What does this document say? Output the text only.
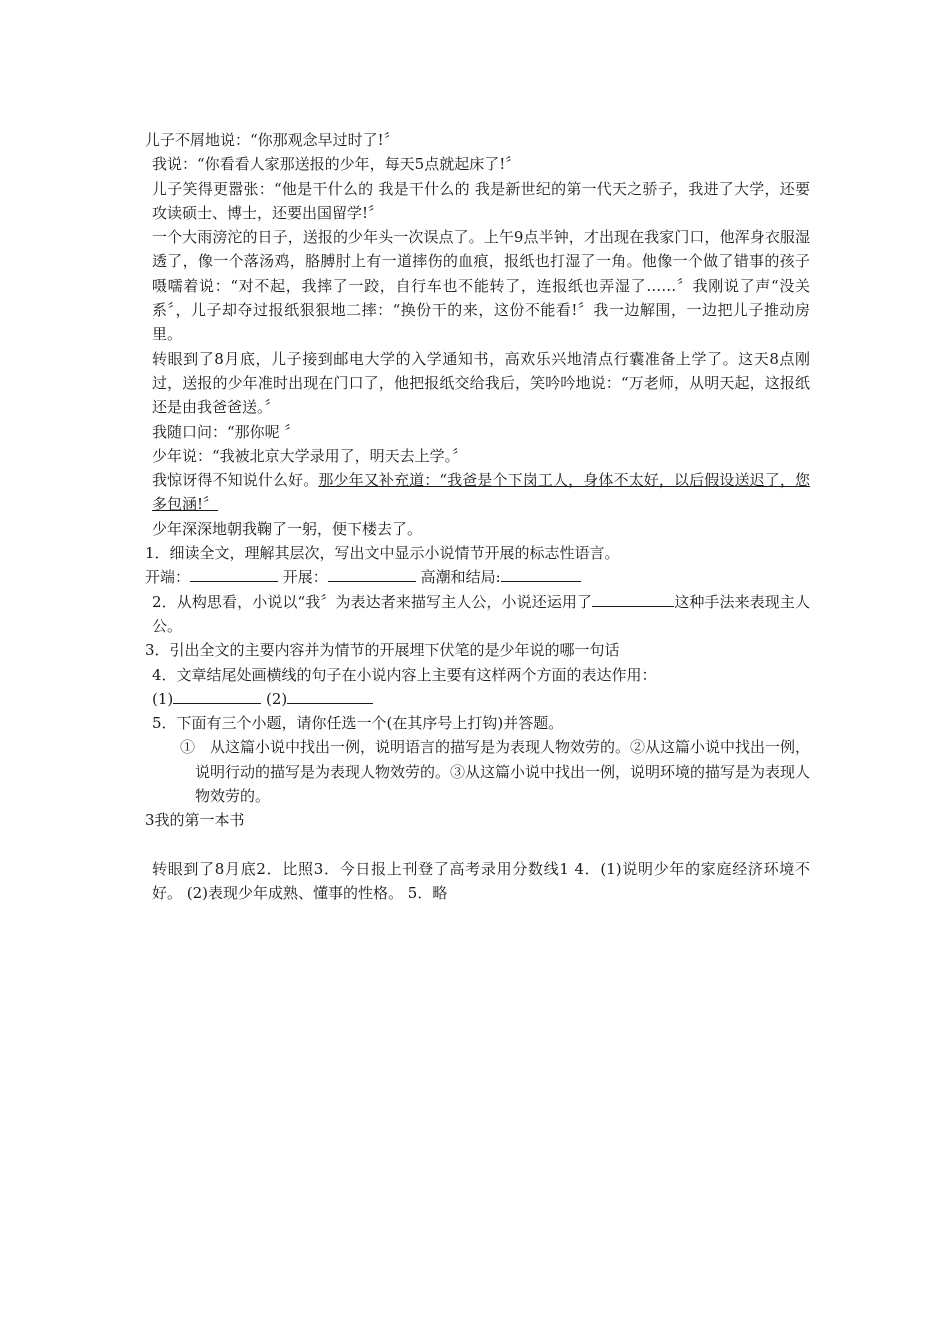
儿子不屑地说：“你那观念早过时了!〞

我说：“你看看人家那送报的少年，每天5点就起床了!〞

儿子笑得更嚣张：“他是干什么的 我是干什么的 我是新世纪的第一代天之骄子，我进了大学，还要攻读硕士、博士，还要出国留学!〞

一个大雨滂沱的日子，送报的少年头一次误点了。上午9点半钟，才出现在我家门口，他浑身衣服湿透了，像一个落汤鸡，胳膊肘上有一道摔伤的血痕，报纸也打湿了一角。他像一个做了错事的孩子嗫嚅着说：“对不起，我摔了一跤，自行车也不能转了，连报纸也弄湿了……〞我刚说了声“没关系〞，儿子却夺过报纸狠狠地二摔：“换份干的来，这份不能看!〞我一边解围，一边把儿子推动房里。

转眼到了8月底，儿子接到邮电大学的入学通知书，高欢乐兴地清点行囊准备上学了。这天8点刚过，送报的少年准时出现在门口了，他把报纸交给我后，笑吟吟地说：“万老师，从明天起，这报纸还是由我爸爸送。〞

我随口问：“那你呢 〞

少年说：“我被北京大学录用了，明天去上学。〞

我惊讶得不知说什么好。那少年又补充道：“我爸是个下岗工人，身体不太好，以后假设送迟了，您多包涵!〞

少年深深地朝我鞠了一躬，便下楼去了。

1．细读全文，理解其层次，写出文中显示小说情节开展的标志性语言。

开端：	开展：	高潮和结局:

2．从构思看，小说以“我〞为表达者来描写主人公，小说还运用了	这种手法来表现主人公。

3．引出全文的主要内容并为情节的开展埋下伏笔的是少年说的哪一句话

4．文章结尾处画横线的句子在小说内容上主要有这样两个方面的表达作用：

(1)	(2)

5．下面有三个小题，请你任选一个(在其序号上打钩)并答题。

①　从这篇小说中找出一例，说明语言的描写是为表现人物效劳的。②从这篇小说中找出一例，说明行动的描写是为表现人物效劳的。③从这篇小说中找出一例，说明环境的描写是为表现人物效劳的。

3我的第一本书

转眼到了8月底2．比照3．今日报上刊登了高考录用分数线1 4．(1)说明少年的家庭经济环境不好。 (2)表现少年成熟、懂事的性格。 5．略
